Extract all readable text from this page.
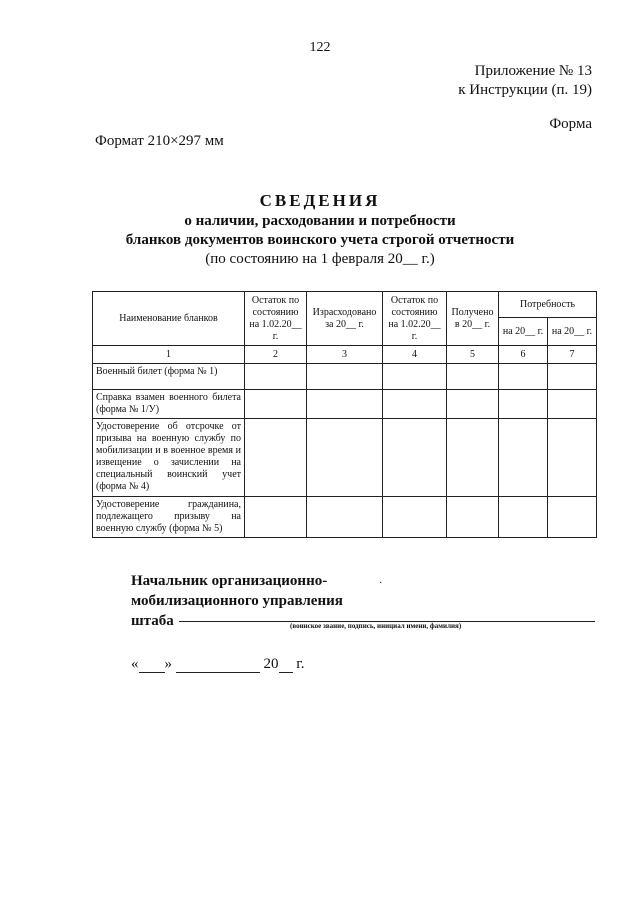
122
Приложение № 13
к Инструкции (п. 19)
Форма
Формат 210×297 мм
СВЕДЕНИЯ
о наличии, расходовании и потребности
бланков документов воинского учета строгой отчетности
(по состоянию на 1 февраля 20__ г.)
Наименование бланков	Остаток по состоянию на 1.02.20__ г.	Израсходовано за 20__ г.	Остаток по состоянию на 1.02.20__ г.	Получено в 20__ г.	Потребность	
					на 20__ г.	на 20__ г.
1	2	3	4	5	6	7
Военный билет (форма № 1)						
Справка взамен военного билета (форма № 1/У)						
Удостоверение об отсрочке от призыва на военную службу по мобилизации и в военное время и извещение о зачислении на специальный воинский учет (форма № 4)						
Удостоверение гражданина, подлежащего призыву на военную службу (форма № 5)						
Начальник организационно-
мобилизационного управления
штаба
·
(воинское звание, подпись, инициал имени, фамилия)
« »	20 г.
